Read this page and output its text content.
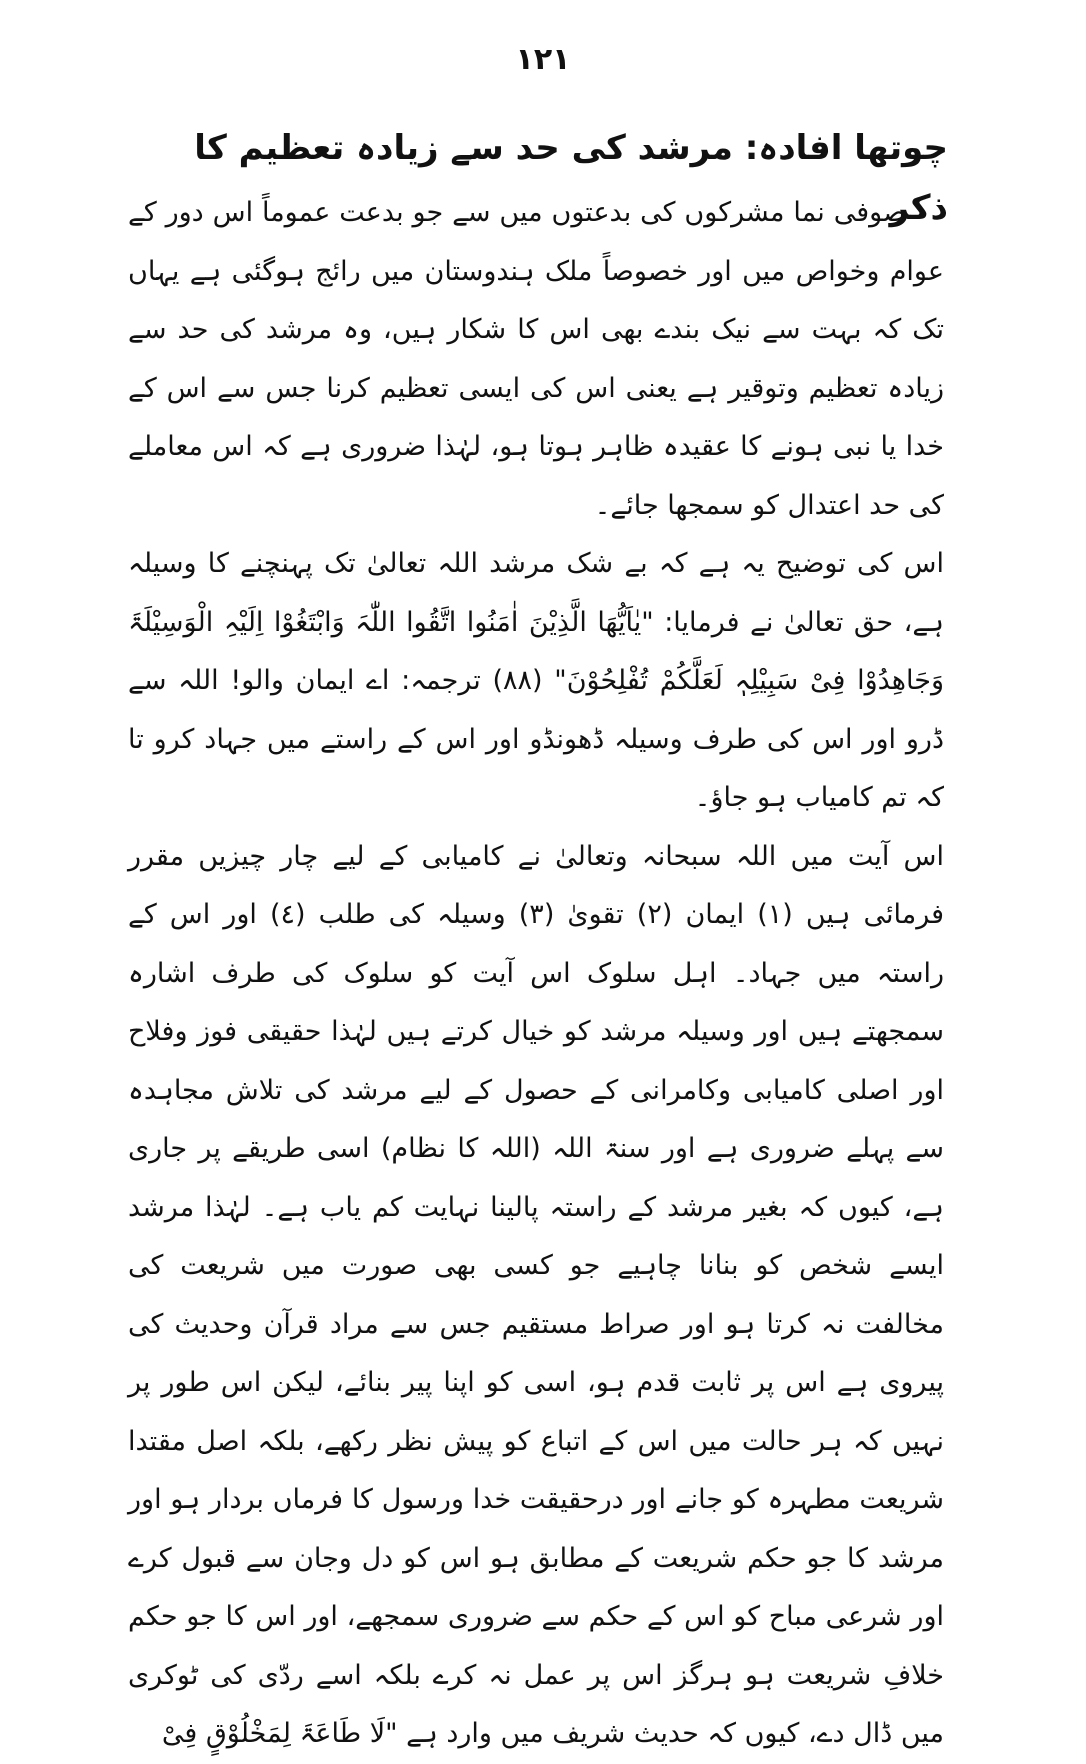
١٢١
چوتھا افادہ: مرشد کی حد سے زیادہ تعظیم کا ذکر

صوفی نما مشرکوں کی بدعتوں میں سے جو بدعت عموماً اس دور کے عوام وخواص میں اور خصوصاً ملک ہندوستان میں رائج ہوگئی ہے یہاں تک کہ بہت سے نیک بندے بھی اس کا شکار ہیں، وہ مرشد کی حد سے زیادہ تعظیم وتوقیر ہے یعنی اس کی ایسی تعظیم کرنا جس سے اس کے خدا یا نبی ہونے کا عقیدہ ظاہر ہوتا ہو، لہٰذا ضروری ہے کہ اس معاملے کی حد اعتدال کو سمجھا جائے۔

اس کی توضیح یہ ہے کہ بے شک مرشد اللہ تعالیٰ تک پہنچنے کا وسیلہ ہے، حق تعالیٰ نے فرمایا: "یٰاَیُّھَا الَّذِیْنَ اٰمَنُوا اتَّقُوا اللّٰہَ وَابْتَغُوْا اِلَیْہِ الْوَسِیْلَۃَ وَجَاھِدُوْا فِیْ سَبِیْلِہٖ لَعَلَّکُمْ تُفْلِحُوْنَ" (٨٨) ترجمہ: اے ایمان والو! اللہ سے ڈرو اور اس کی طرف وسیلہ ڈھونڈو اور اس کے راستے میں جہاد کرو تا کہ تم کامیاب ہو جاؤ۔

اس آیت میں اللہ سبحانہ وتعالیٰ نے کامیابی کے لیے چار چیزیں مقرر فرمائی ہیں (١) ایمان (٢) تقویٰ (٣) وسیلہ کی طلب (٤) اور اس کے راستہ میں جہاد۔ اہل سلوک اس آیت کو سلوک کی طرف اشارہ سمجھتے ہیں اور وسیلہ مرشد کو خیال کرتے ہیں لہٰذا حقیقی فوز وفلاح اور اصلی کامیابی وکامرانی کے حصول کے لیے مرشد کی تلاش مجاہدہ سے پہلے ضروری ہے اور سنۃ اللہ (اللہ کا نظام) اسی طریقے پر جاری ہے، کیوں کہ بغیر مرشد کے راستہ پالینا نہایت کم یاب ہے۔ لہٰذا مرشد ایسے شخص کو بنانا چاہیے جو کسی بھی صورت میں شریعت کی مخالفت نہ کرتا ہو اور صراط مستقیم جس سے مراد قرآن وحدیث کی پیروی ہے اس پر ثابت قدم ہو، اسی کو اپنا پیر بنائے، لیکن اس طور پر نہیں کہ ہر حالت میں اس کے اتباع کو پیش نظر رکھے، بلکہ اصل مقتدا شریعت مطہرہ کو جانے اور درحقیقت خدا ورسول کا فرماں بردار ہو اور مرشد کا جو حکم شریعت کے مطابق ہو اس کو دل وجان سے قبول کرے اور شرعی مباح کو اس کے حکم سے ضروری سمجھے، اور اس کا جو حکم خلافِ شریعت ہو ہرگز اس پر عمل نہ کرے بلکہ اسے ردّی کی ٹوکری میں ڈال دے، کیوں کہ حدیث شریف میں وارد ہے "لَا طَاعَۃَ لِمَخْلُوْقٍ فِیْ
